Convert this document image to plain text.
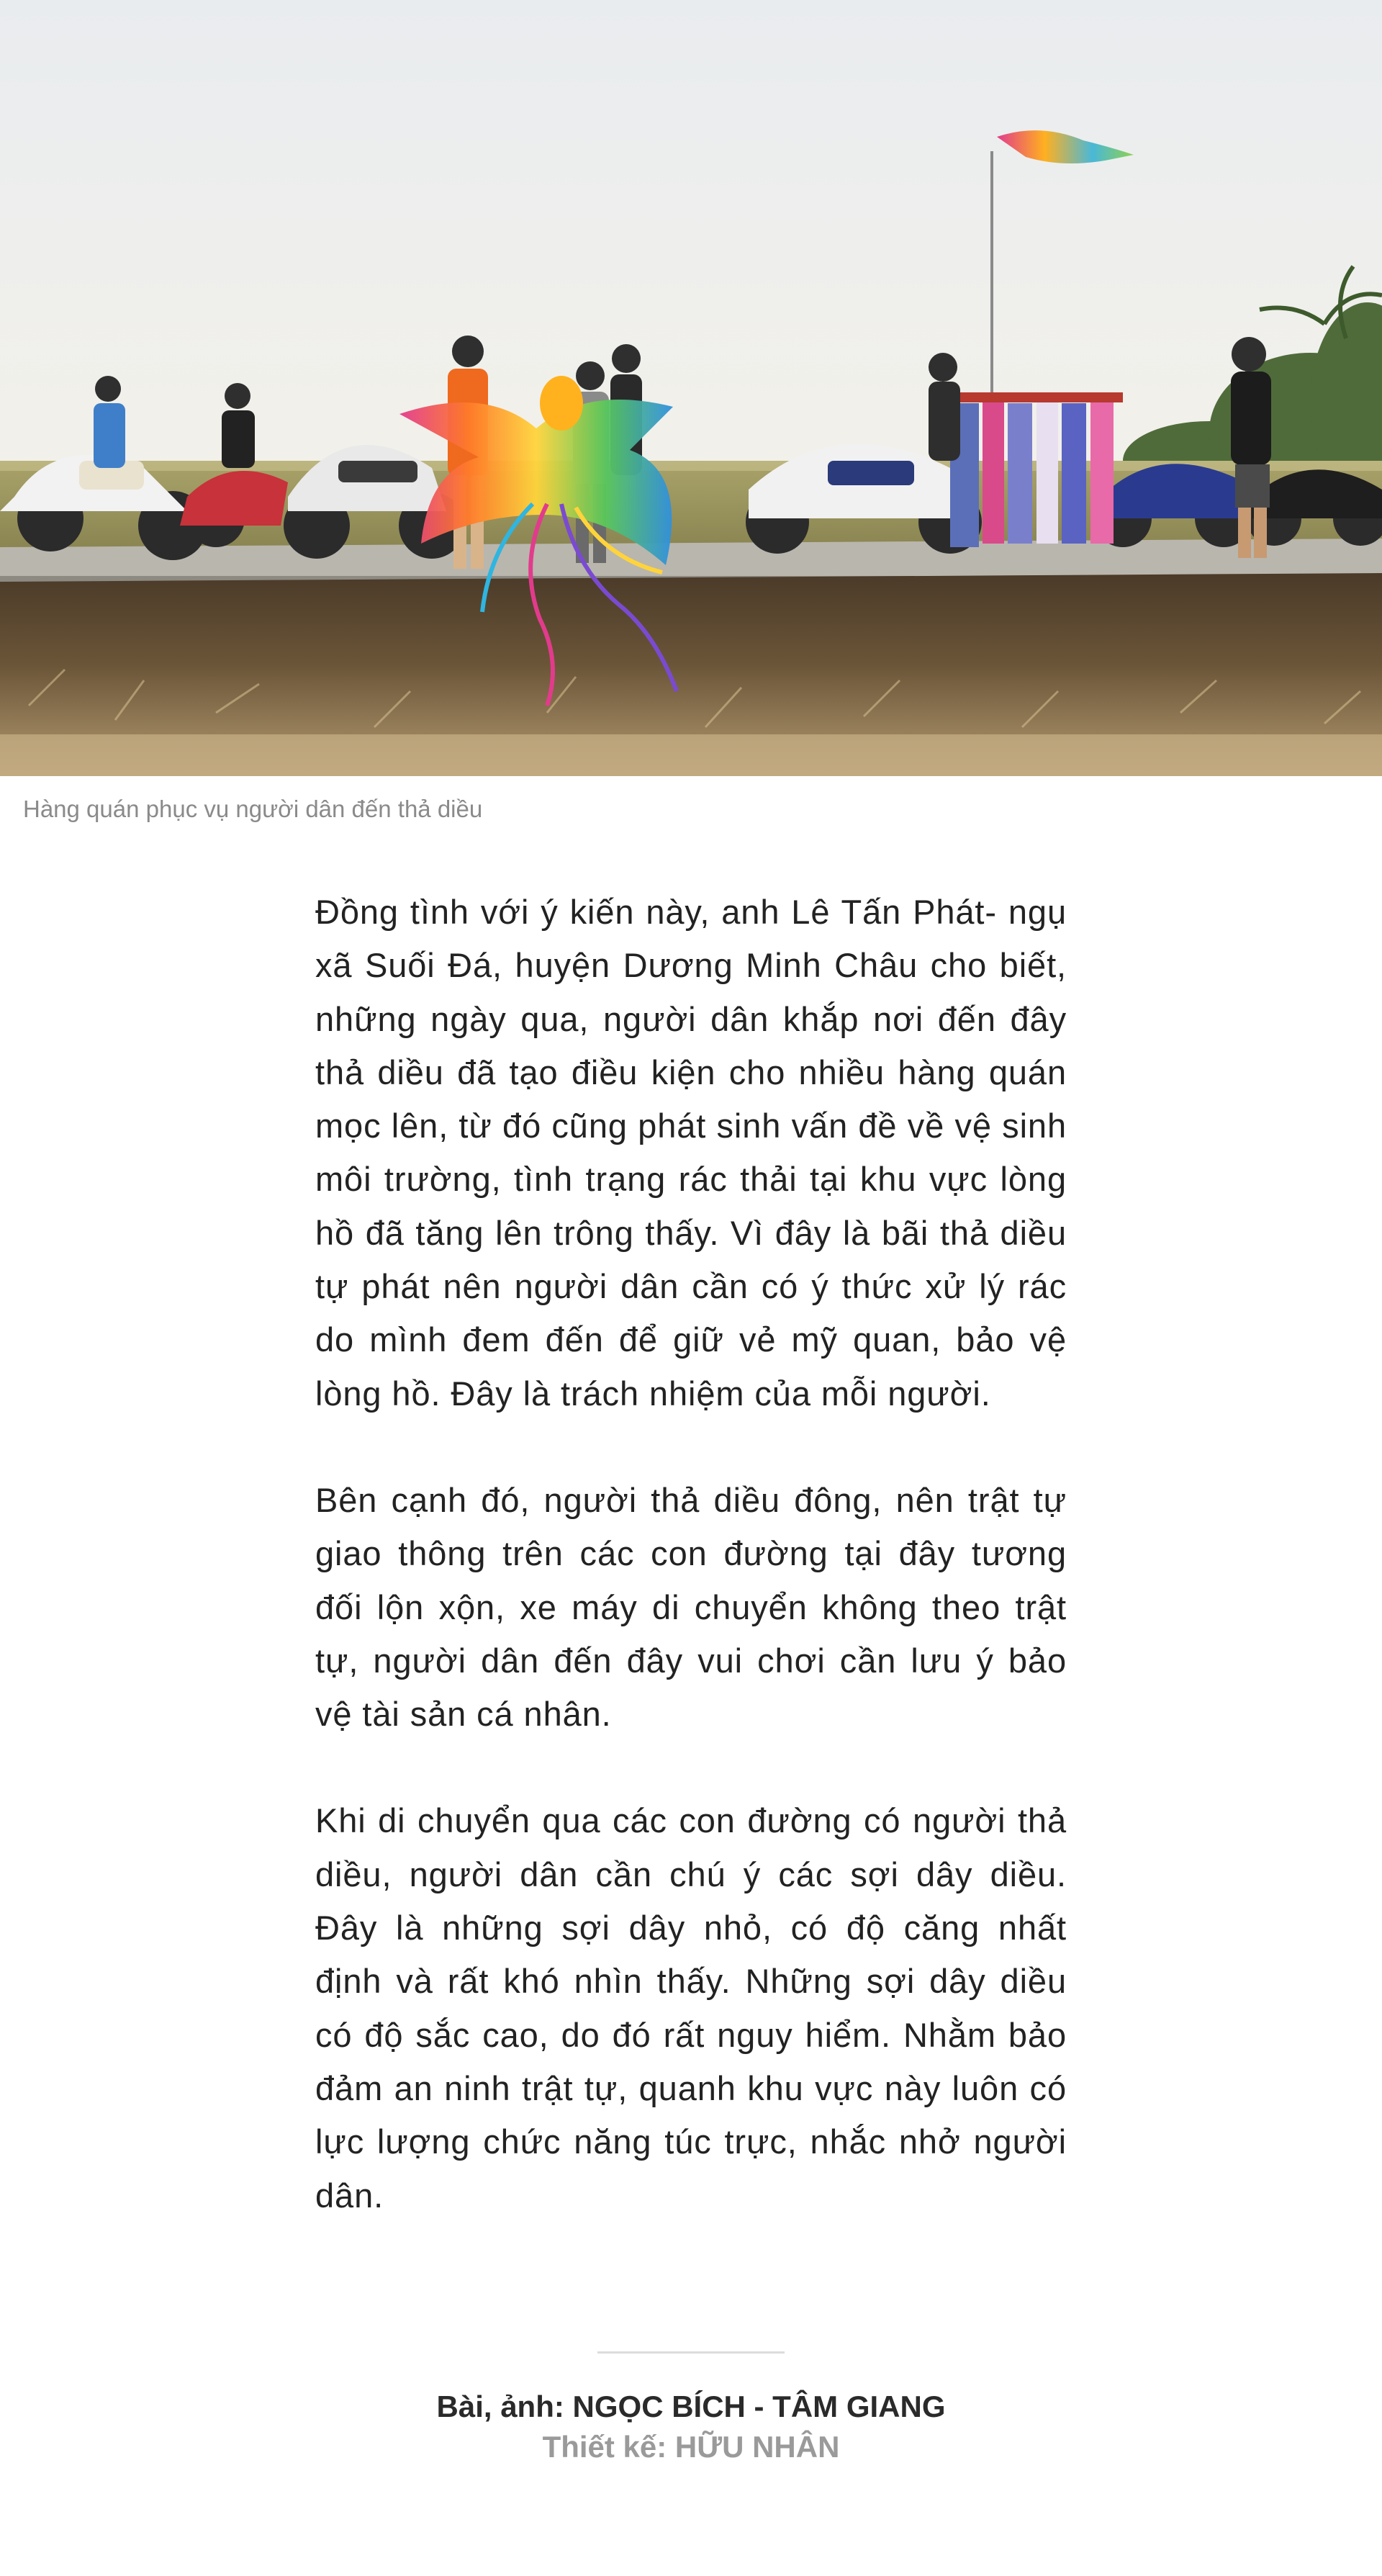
Hàng quán phục vụ người dân đến thả diều

Đồng tình với ý kiến này, anh Lê Tấn Phát- ngụ xã Suối Đá, huyện Dương Minh Châu cho biết, những ngày qua, người dân khắp nơi đến đây thả diều đã tạo điều kiện cho nhiều hàng quán mọc lên, từ đó cũng phát sinh vấn đề về vệ sinh môi trường, tình trạng rác thải tại khu vực lòng hồ đã tăng lên trông thấy. Vì đây là bãi thả diều tự phát nên người dân cần có ý thức xử lý rác do mình đem đến để giữ vẻ mỹ quan, bảo vệ lòng hồ. Đây là trách nhiệm của mỗi người.

Bên cạnh đó, người thả diều đông, nên trật tự giao thông trên các con đường tại đây tương đối lộn xộn, xe máy di chuyển không theo trật tự, người dân đến đây vui chơi cần lưu ý bảo vệ tài sản cá nhân.

Khi di chuyển qua các con đường có người thả diều, người dân cần chú ý các sợi dây diều. Đây là những sợi dây nhỏ, có độ căng nhất định và rất khó nhìn thấy. Những sợi dây diều có độ sắc cao, do đó rất nguy hiểm. Nhằm bảo đảm an ninh trật tự, quanh khu vực này luôn có lực lượng chức năng túc trực, nhắc nhở người dân.

Bài, ảnh: NGỌC BÍCH - TÂM GIANG
Thiết kế: HỮU NHÂN
